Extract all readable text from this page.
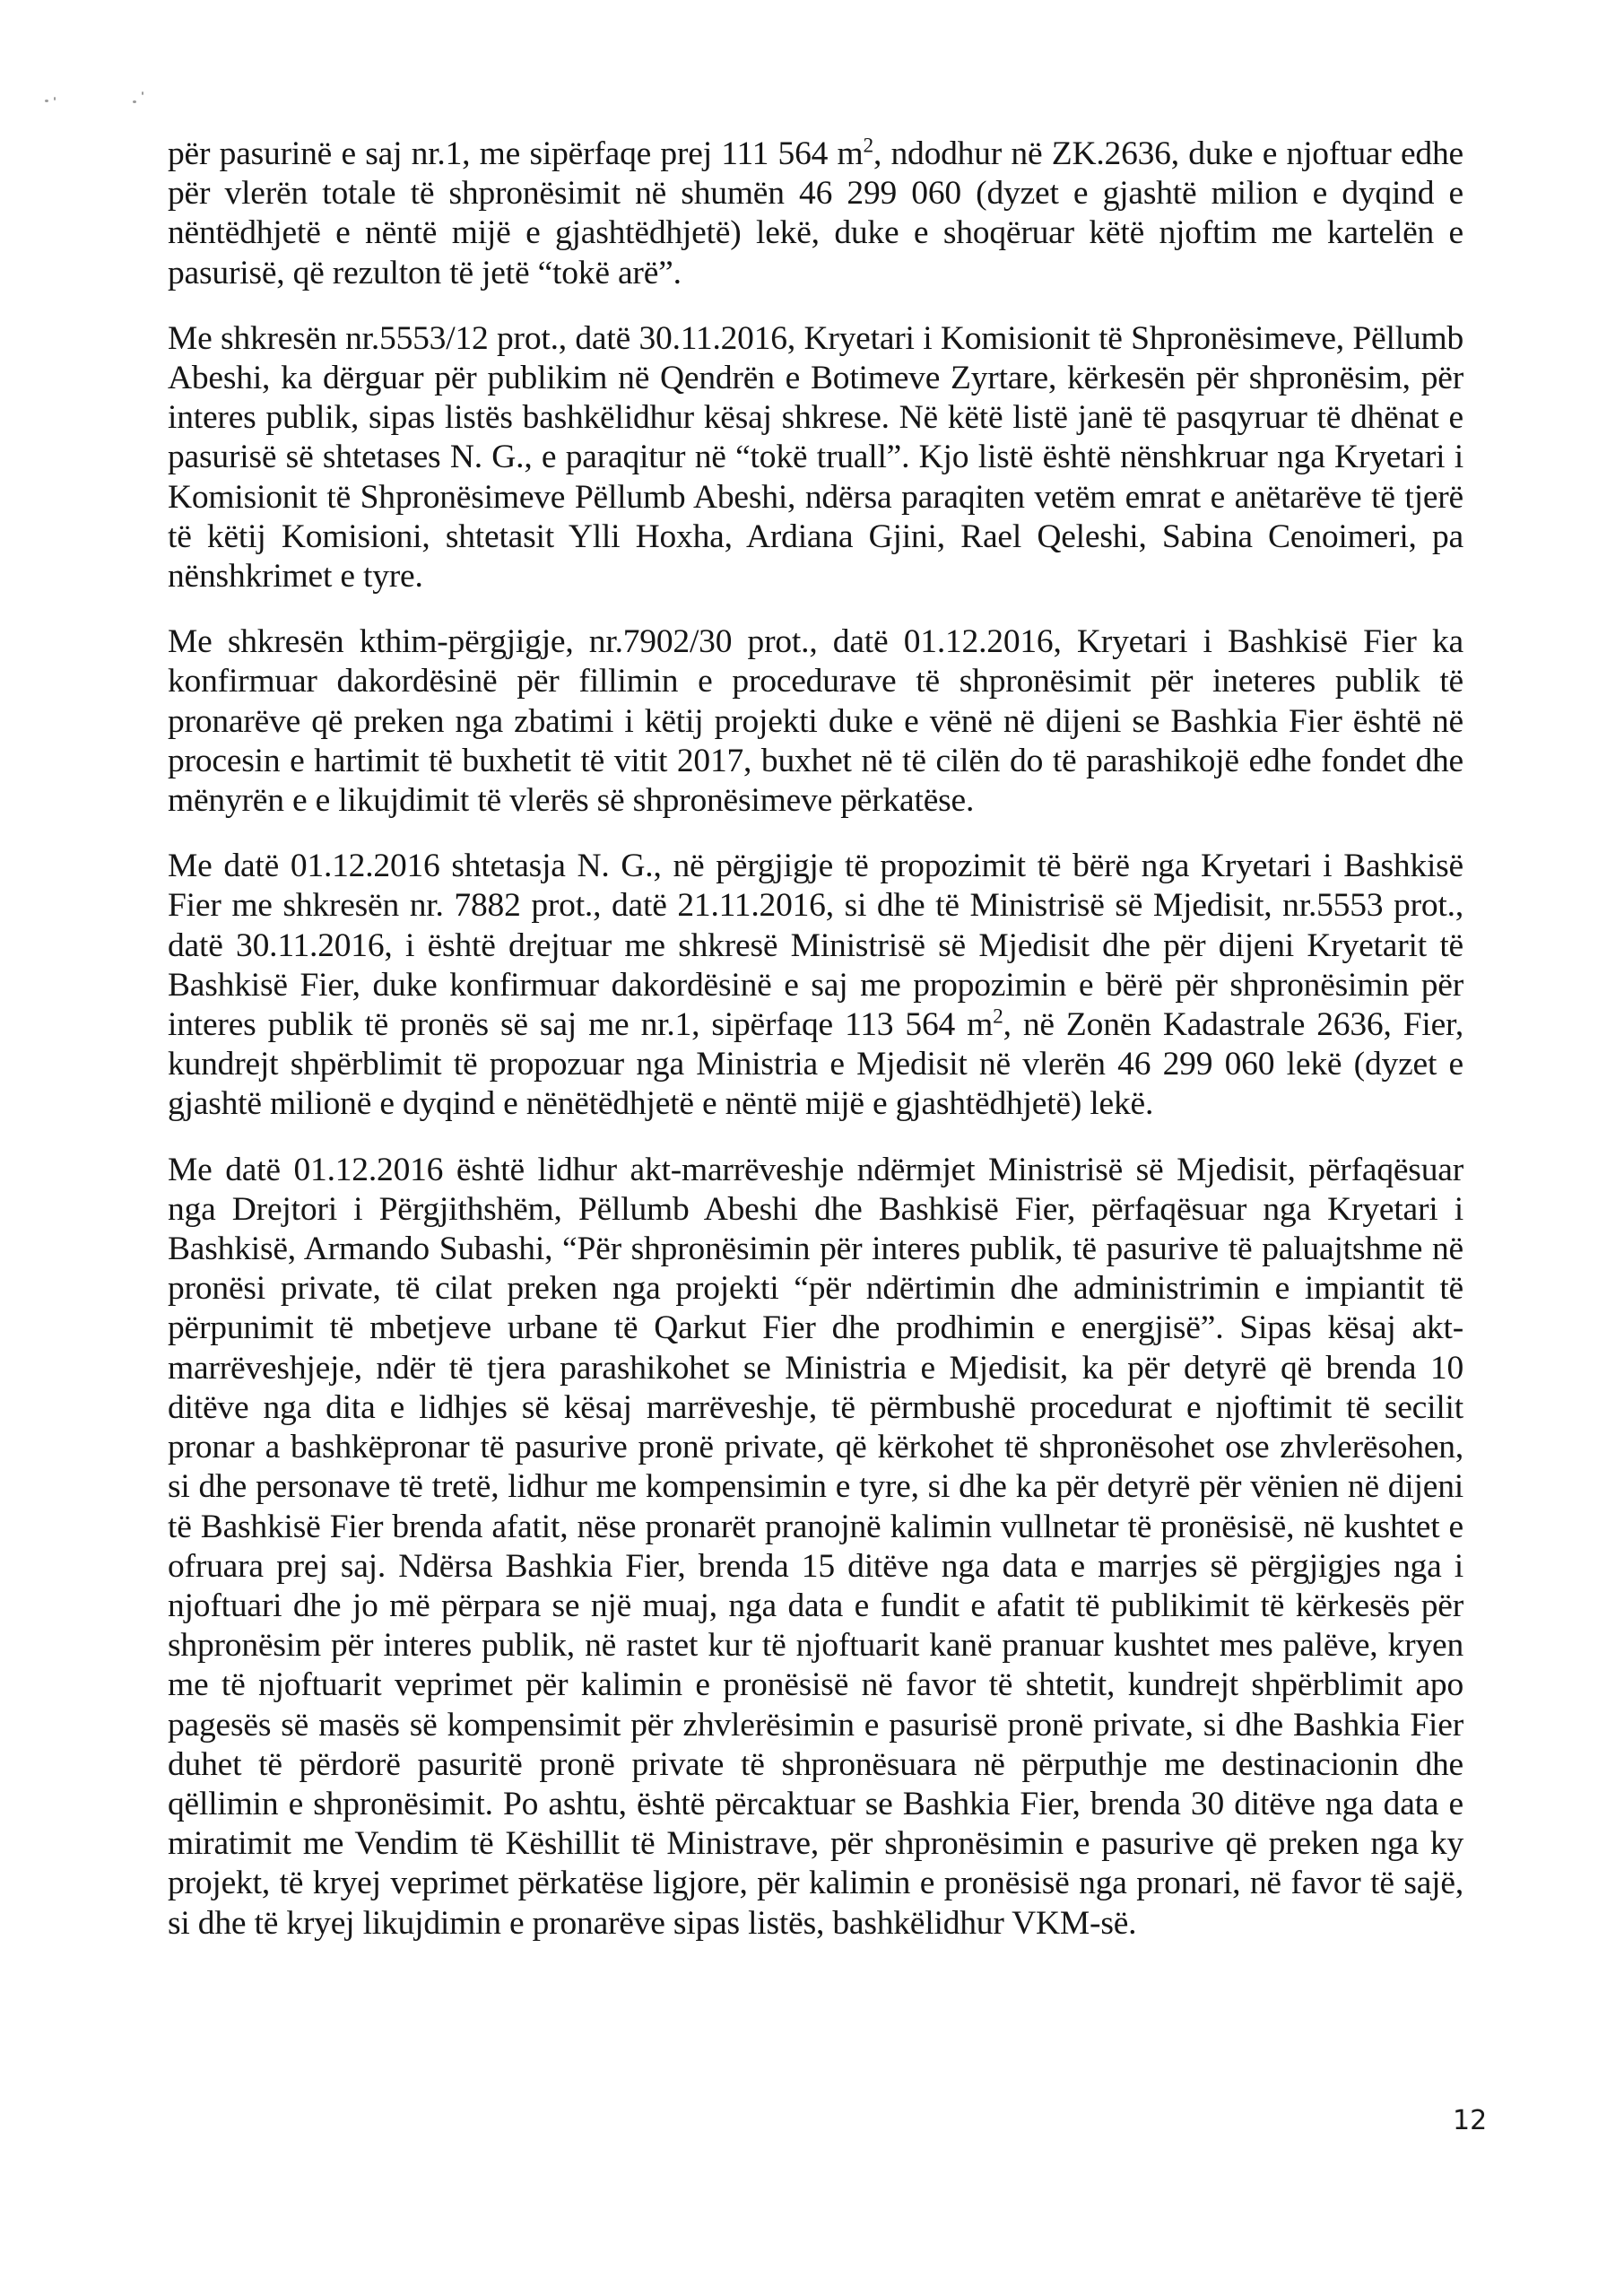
për pasurinë e saj nr.1, me sipërfaqe prej 111 564 $m^2$, ndodhur në ZK.2636, duke e njoftuar edhe për vlerën totale të shpronësimit në shumën 46 299 060 (dyzet e gjashtë milion e dyqind e nëntëdhjetë e nëntë mijë e gjashtëdhjetë) lekë, duke e shoqëruar këtë njoftim me kartelën e pasurisë, që rezulton të jetë “tokë arë”.

Me shkresën nr.5553/12 prot., datë 30.11.2016, Kryetari i Komisionit të Shpronësimeve, Pëllumb Abeshi, ka dërguar për publikim në Qendrën e Botimeve Zyrtare, kërkesën për shpronësim, për interes publik, sipas listës bashkëlidhur kësaj shkrese. Në këtë listë janë të pasqyruar të dhënat e pasurisë së shtetases N. G., e paraqitur në “tokë truall”. Kjo listë është nënshkruar nga Kryetari i Komisionit të Shpronësimeve Pëllumb Abeshi, ndërsa paraqiten vetëm emrat e anëtarëve të tjerë të këtij Komisioni, shtetasit Ylli Hoxha, Ardiana Gjini, Rael Qeleshi, Sabina Cenoimeri, pa nënshkrimet e tyre.

Me shkresën kthim-përgjigje, nr.7902/30 prot., datë 01.12.2016, Kryetari i Bashkisë Fier ka konfirmuar dakordësinë për fillimin e procedurave të shpronësimit për ineteres publik të pronarëve që preken nga zbatimi i këtij projekti duke e vënë në dijeni se Bashkia Fier është në procesin e hartimit të buxhetit të vitit 2017, buxhet në të cilën do të parashikojë edhe fondet dhe mënyrën e e likujdimit të vlerës së shpronësimeve përkatëse.

Me datë 01.12.2016 shtetasja N. G., në përgjigje të propozimit të bërë nga Kryetari i Bashkisë Fier me shkresën nr. 7882 prot., datë 21.11.2016, si dhe të Ministrisë së Mjedisit, nr.5553 prot., datë 30.11.2016, i është drejtuar me shkresë Ministrisë së Mjedisit dhe për dijeni Kryetarit të Bashkisë Fier, duke konfirmuar dakordësinë e saj me propozimin e bërë për shpronësimin për interes publik të pronës së saj me nr.1, sipërfaqe 113 564 $m^2$, në Zonën Kadastrale 2636, Fier, kundrejt shpërblimit të propozuar nga Ministria e Mjedisit në vlerën 46 299 060 lekë (dyzet e gjashtë milionë e dyqind e nënëtëdhjetë e nëntë mijë e gjashtëdhjetë) lekë.

Me datë 01.12.2016 është lidhur akt-marrëveshje ndërmjet Ministrisë së Mjedisit, përfaqësuar nga Drejtori i Përgjithshëm, Pëllumb Abeshi dhe Bashkisë Fier, përfaqësuar nga Kryetari i Bashkisë, Armando Subashi, “Për shpronësimin për interes publik, të pasurive të paluajtshme në pronësi private, të cilat preken nga projekti “për ndërtimin dhe administrimin e impiantit të përpunimit të mbetjeve urbane të Qarkut Fier dhe prodhimin e energjisë”. Sipas kësaj akt-marrëveshjeje, ndër të tjera parashikohet se Ministria e Mjedisit, ka për detyrë që brenda 10 ditëve nga dita e lidhjes së kësaj marrëveshje, të përmbushë procedurat e njoftimit të secilit pronar a bashkëpronar të pasurive pronë private, që kërkohet të shpronësohet ose zhvlerësohen, si dhe personave të tretë, lidhur me kompensimin e tyre, si dhe ka për detyrë për vënien në dijeni të Bashkisë Fier brenda afatit, nëse pronarët pranojnë kalimin vullnetar të pronësisë, në kushtet e ofruara prej saj. Ndërsa Bashkia Fier, brenda 15 ditëve nga data e marrjes së përgjigjes nga i njoftuari dhe jo më përpara se një muaj, nga data e fundit e afatit të publikimit të kërkesës për shpronësim për interes publik, në rastet kur të njoftuarit kanë pranuar kushtet mes palëve, kryen me të njoftuarit veprimet për kalimin e pronësisë në favor të shtetit, kundrejt shpërblimit apo pagesës së masës së kompensimit për zhvlerësimin e pasurisë pronë private, si dhe Bashkia Fier duhet të përdorë pasuritë pronë private të shpronësuara në përputhje me destinacionin dhe qëllimin e shpronësimit. Po ashtu, është përcaktuar se Bashkia Fier, brenda 30 ditëve nga data e miratimit me Vendim të Këshillit të Ministrave, për shpronësimin e pasurive që preken nga ky projekt, të kryej veprimet përkatëse ligjore, për kalimin e pronësisë nga pronari, në favor të sajë, si dhe të kryej likujdimin e pronarëve sipas listës, bashkëlidhur VKM-së.

12
